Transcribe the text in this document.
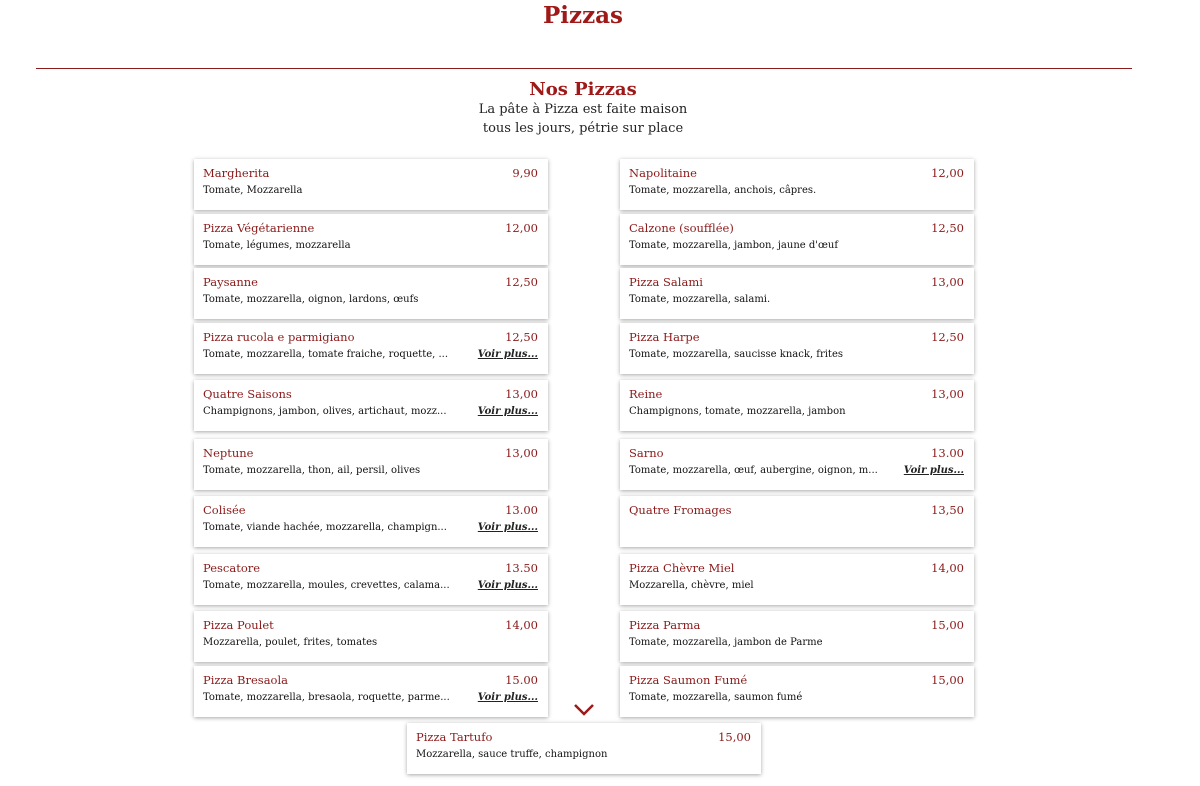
Pizzas
Nos Pizzas

La pâte à Pizza est faite maison

tous les jours, pétrie sur place

Margherita	9,90
Tomate, Mozzarella
Pizza Végétarienne	12,00
Tomate, légumes, mozzarella
Paysanne	12,50
Tomate, mozzarella, oignon, lardons, œufs
Pizza rucola e parmigiano	12,50
Tomate, mozzarella, tomate fraiche, roquette, ...	Voir plus...
Quatre Saisons	13,00
Champignons, jambon, olives, artichaut, mozz...	Voir plus...
Neptune	13,00
Tomate, mozzarella, thon, ail, persil, olives
Colisée	13.00
Tomate, viande hachée, mozzarella, champign...	Voir plus...
Pescatore	13.50
Tomate, mozzarella, moules, crevettes, calama...	Voir plus...
Pizza Poulet	14,00
Mozzarella, poulet, frites, tomates
Pizza Bresaola	15.00
Tomate, mozzarella, bresaola, roquette, parme...	Voir plus...
Napolitaine	12,00
Tomate, mozzarella, anchois, câpres.
Calzone (soufflée)	12,50
Tomate, mozzarella, jambon, jaune d'œuf
Pizza Salami	13,00
Tomate, mozzarella, salami.
Pizza Harpe	12,50
Tomate, mozzarella, saucisse knack, frites
Reine	13,00
Champignons, tomate, mozzarella, jambon
Sarno	13.00
Tomate, mozzarella, œuf, aubergine, oignon, m...	Voir plus...
Quatre Fromages	13,50
Pizza Chèvre Miel	14,00
Mozzarella, chèvre, miel
Pizza Parma	15,00
Tomate, mozzarella, jambon de Parme
Pizza Saumon Fumé	15,00
Tomate, mozzarella, saumon fumé
Pizza Tartufo	15,00
Mozzarella, sauce truffe, champignon
